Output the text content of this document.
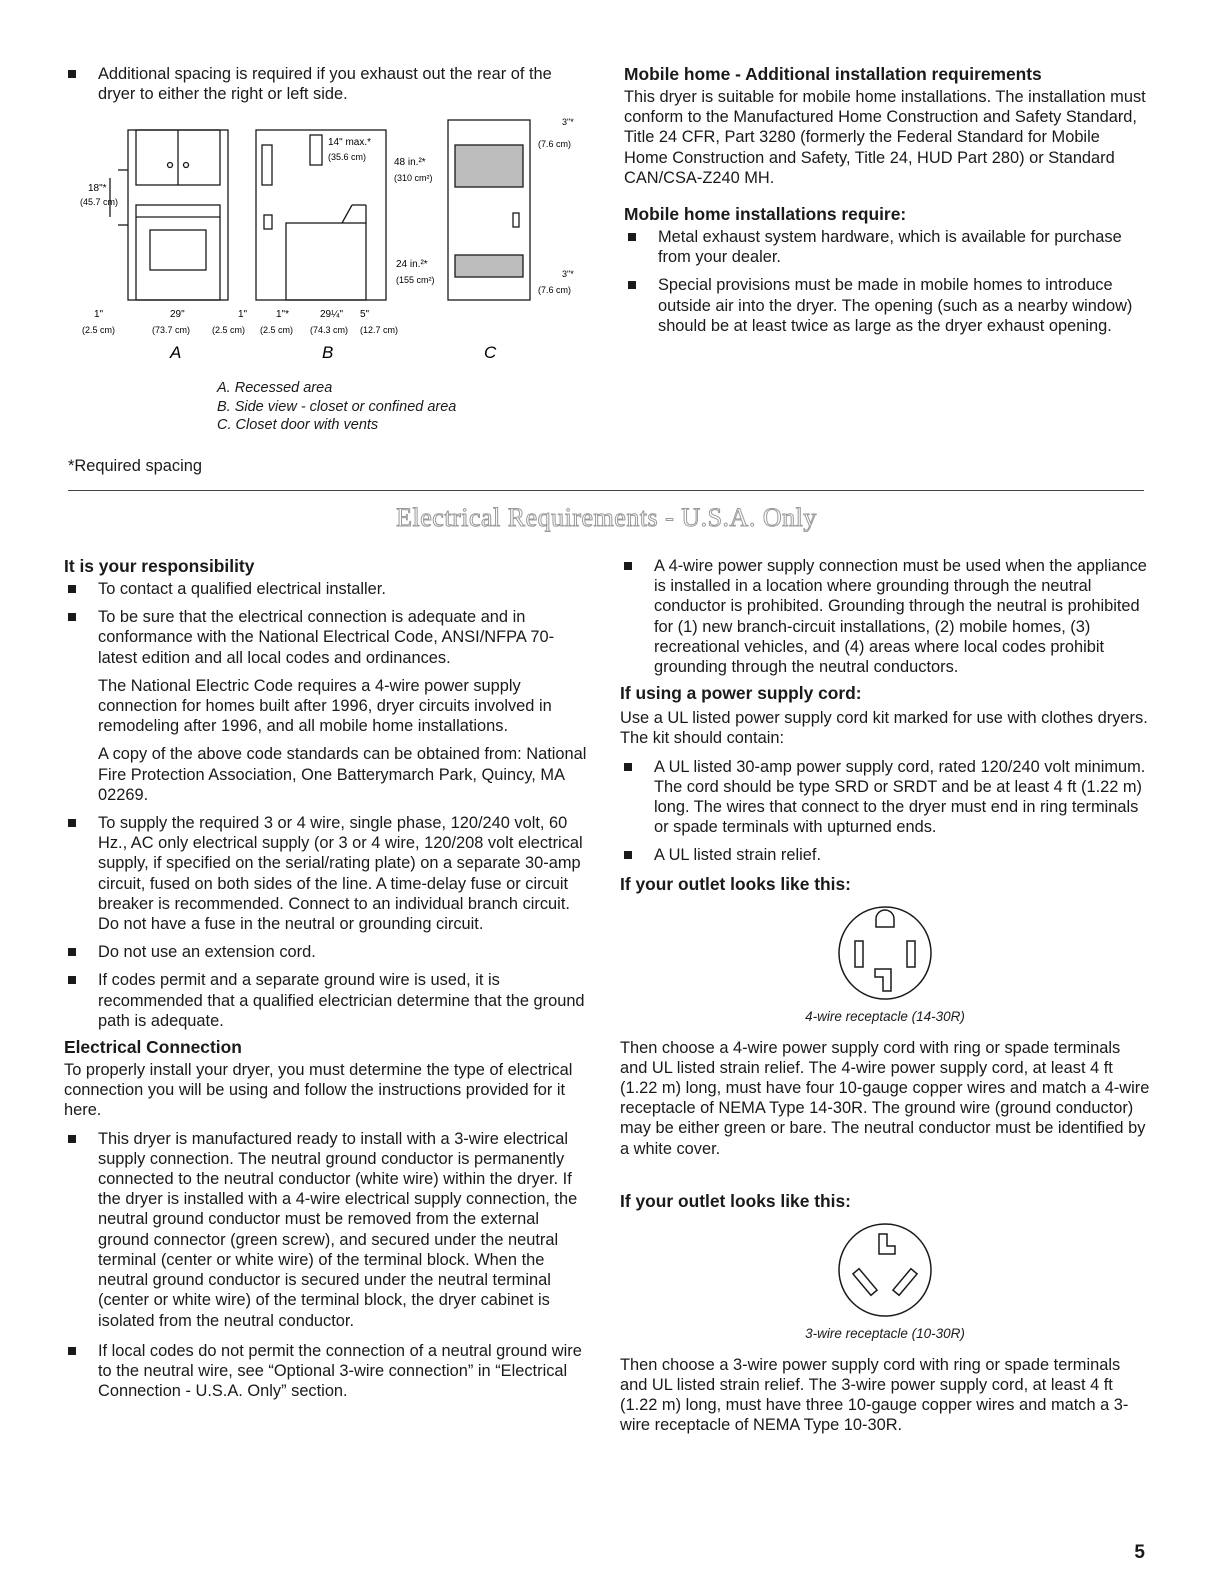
Additional spacing is required if you exhaust out the rear of the dryer to either the right or left side.

18"*
(45.7 cm)
1"
(2.5 cm)
29"
(73.7 cm)
1"
(2.5 cm)
A
14" max.*
(35.6 cm)	48 in.²*
(310 cm²)
24 in.²*
(155 cm²)
1"*
(2.5 cm)
29¼"
(74.3 cm)
5"
(12.7 cm)
B
3"*
(7.6 cm)
3"*
(7.6 cm)
C
A. Recessed area
B. Side view - closet or confined area
C. Closet door with vents
*Required spacing

Mobile home - Additional installation requirements

This dryer is suitable for mobile home installations. The installation must conform to the Manufactured Home Construction and Safety Standard, Title 24 CFR, Part 3280 (formerly the Federal Standard for Mobile Home Construction and Safety, Title 24, HUD Part 280) or Standard CAN/CSA-Z240 MH.

Mobile home installations require:

Metal exhaust system hardware, which is available for purchase from your dealer.

Special provisions must be made in mobile homes to introduce outside air into the dryer. The opening (such as a nearby window) should be at least twice as large as the dryer exhaust opening.

Electrical Requirements - U.S.A. Only

It is your responsibility

To contact a qualified electrical installer.

To be sure that the electrical connection is adequate and in conformance with the National Electrical Code, ANSI/NFPA 70-latest edition and all local codes and ordinances.

The National Electric Code requires a 4-wire power supply connection for homes built after 1996, dryer circuits involved in remodeling after 1996, and all mobile home installations.

A copy of the above code standards can be obtained from: National Fire Protection Association, One Batterymarch Park, Quincy, MA 02269.

To supply the required 3 or 4 wire, single phase, 120/240 volt, 60 Hz., AC only electrical supply (or 3 or 4 wire, 120/208 volt electrical supply, if specified on the serial/rating plate) on a separate 30-amp circuit, fused on both sides of the line. A time-delay fuse or circuit breaker is recommended. Connect to an individual branch circuit. Do not have a fuse in the neutral or grounding circuit.

Do not use an extension cord.

If codes permit and a separate ground wire is used, it is recommended that a qualified electrician determine that the ground path is adequate.

Electrical Connection

To properly install your dryer, you must determine the type of electrical connection you will be using and follow the instructions provided for it here.

This dryer is manufactured ready to install with a 3-wire electrical supply connection. The neutral ground conductor is permanently connected to the neutral conductor (white wire) within the dryer. If the dryer is installed with a 4-wire electrical supply connection, the neutral ground conductor must be removed from the external ground connector (green screw), and secured under the neutral terminal (center or white wire) of the terminal block. When the neutral ground conductor is secured under the neutral terminal (center or white wire) of the terminal block, the dryer cabinet is isolated from the neutral conductor.

If local codes do not permit the connection of a neutral ground wire to the neutral wire, see “Optional 3-wire connection” in “Electrical Connection - U.S.A. Only” section.

A 4-wire power supply connection must be used when the appliance is installed in a location where grounding through the neutral conductor is prohibited. Grounding through the neutral is prohibited for (1) new branch-circuit installations, (2) mobile homes, (3) recreational vehicles, and (4) areas where local codes prohibit grounding through the neutral conductors.

If using a power supply cord:

Use a UL listed power supply cord kit marked for use with clothes dryers. The kit should contain:

A UL listed 30-amp power supply cord, rated 120/240 volt minimum. The cord should be type SRD or SRDT and be at least 4 ft (1.22 m) long. The wires that connect to the dryer must end in ring terminals or spade terminals with upturned ends.

A UL listed strain relief.

If your outlet looks like this:

4-wire receptacle (14-30R)

Then choose a 4-wire power supply cord with ring or spade terminals and UL listed strain relief. The 4-wire power supply cord, at least 4 ft (1.22 m) long, must have four 10-gauge copper wires and match a 4-wire receptacle of NEMA Type 14-30R. The ground wire (ground conductor) may be either green or bare. The neutral conductor must be identified by a white cover.

If your outlet looks like this:

3-wire receptacle (10-30R)

Then choose a 3-wire power supply cord with ring or spade terminals and UL listed strain relief. The 3-wire power supply cord, at least 4 ft (1.22 m) long, must have three 10-gauge copper wires and match a 3-wire receptacle of NEMA Type 10-30R.

5
